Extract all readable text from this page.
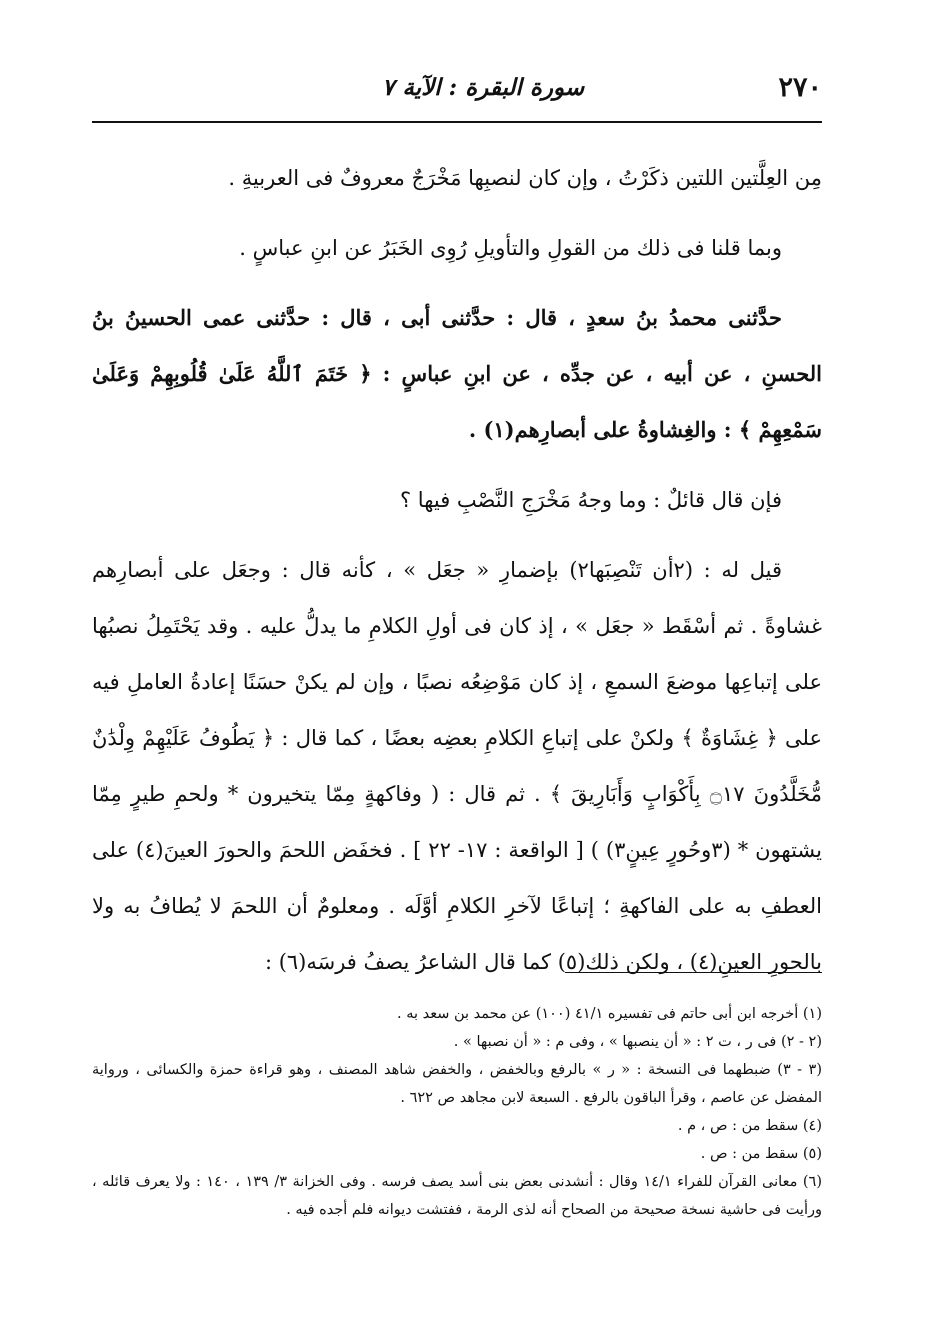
٢٧٠
سورة البقرة : الآية ٧

مِن العِلَّتين اللتين ذكَرْتُ ، وإن كان لنصبِها مَخْرَجٌ معروفٌ فى العربيةِ .

وبما قلنا فى ذلك من القولِ والتأويلِ رُوِى الخَبَرُ عن ابنِ عباسٍ .

حدَّثنى محمدُ بنُ سعدٍ ، قال : حدَّثنى أبى ، قال : حدَّثنى عمى الحسينُ بنُ الحسنِ ، عن أبيه ، عن جدِّه ، عن ابنِ عباسٍ : ﴿ خَتَمَ ٱللَّهُ عَلَىٰ قُلُوبِهِمْ وَعَلَىٰ سَمْعِهِمْ ﴾ : والغِشاوةُ على أبصارِهم(١) .

فإن قال قائلٌ : وما وجهُ مَخْرَجِ النَّصْبِ فيها ؟

قيل له : (٢أن تَنْصِبَها٢) بإضمارِ « جعَل » ، كأنه قال : وجعَل على أبصارِهم غشاوةً . ثم أسْقَط « جعَل » ، إذ كان فى أولِ الكلامِ ما يدلُّ عليه . وقد يَحْتَمِلُ نصبُها على إتباعِها موضعَ السمعِ ، إذ كان مَوْضِعُه نصبًا ، وإن لم يكنْ حسَنًا إعادةُ العاملِ فيه على ﴿ غِشَاوَةٌ ﴾ ولكنْ على إتباعِ الكلامِ بعضِه بعضًا ، كما قال : ﴿ يَطُوفُ عَلَيْهِمْ وِلْدَٰنٌ مُّخَلَّدُونَ ۝١٧ بِأَكْوَابٍ وَأَبَارِيقَ ﴾ . ثم قال : ( وفاكهةٍ مِمّا يتخيرون * ولحمِ طيرٍ مِمّا يشتهون * (٣وحُورٍ عِينٍ٣) ) [ الواقعة : ١٧- ٢٢ ] . فخفَض اللحمَ والحورَ العينَ(٤) على العطفِ به على الفاكهةِ ؛ إتباعًا لآخرِ الكلامِ أوَّلَه . ومعلومٌ أن اللحمَ لا يُطافُ به ولا بالحورِ العينِ(٤) ، ولكن ذلك(٥) كما قال الشاعرُ يصفُ فرسَه(٦) :

(١) أخرجه ابن أبى حاتم فى تفسيره ٤١/١ (١٠٠) عن محمد بن سعد به .

(٢ - ٢) فى ر ، ت ٢ : « أن ينصبها » ، وفى م : « أن نصبها » .

(٣ - ٣) ضبطهما فى النسخة : « ر » بالرفع وبالخفض ، والخفض شاهد المصنف ، وهو قراءة حمزة والكسائى ، ورواية المفضل عن عاصم ، وقرأ الباقون بالرفع . السبعة لابن مجاهد ص ٦٢٢ .

(٤) سقط من : ص ، م .

(٥) سقط من : ص .

(٦) معانى القرآن للفراء ١٤/١ وقال : أنشدنى بعض بنى أسد يصف فرسه . وفى الخزانة ٣/ ١٣٩ ، ١٤٠ : ولا يعرف قائله ، ورأيت فى حاشية نسخة صحيحة من الصحاح أنه لذى الرمة ، ففتشت ديوانه فلم أجده فيه .
